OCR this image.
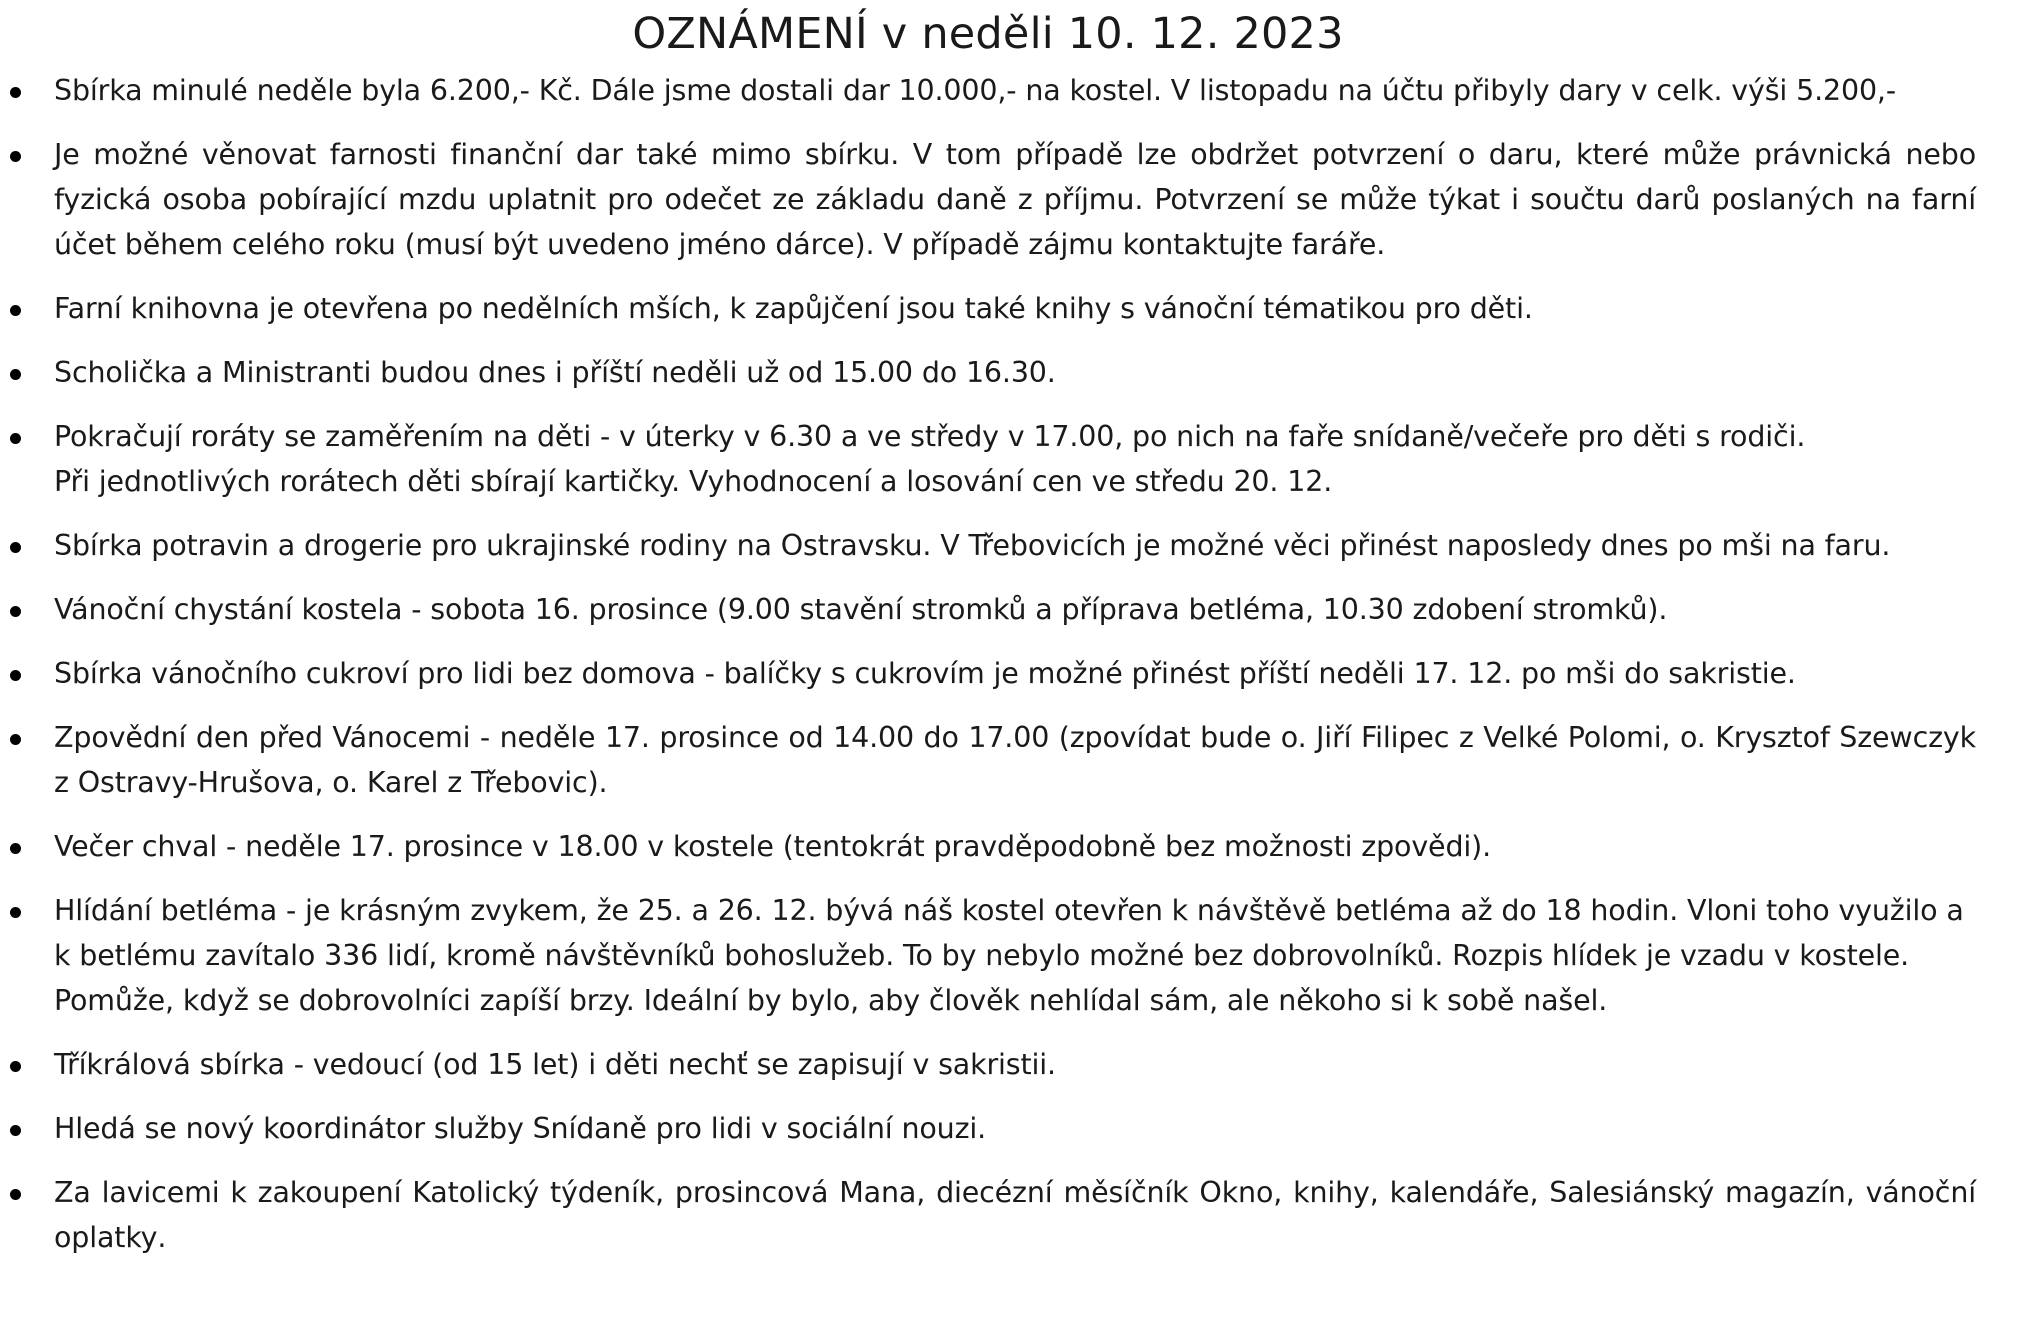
OZNÁMENÍ v neděli 10. 12. 2023
Sbírka minulé neděle byla 6.200,- Kč. Dále jsme dostali dar 10.000,- na kostel. V listopadu na účtu přibyly dary v celk. výši 5.200,-
Je možné věnovat farnosti finanční dar také mimo sbírku. V tom případě lze obdržet potvrzení o daru, které může právnická nebo fyzická osoba pobírající mzdu uplatnit pro odečet ze základu daně z příjmu. Potvrzení se může týkat i součtu darů poslaných na farní účet během celého roku (musí být uvedeno jméno dárce). V případě zájmu kontaktujte faráře.
Farní knihovna je otevřena po nedělních mších, k zapůjčení jsou také knihy s vánoční tématikou pro děti.
Scholička a Ministranti budou dnes i příští neděli už od 15.00 do 16.30.
Pokračují roráty se zaměřením na děti - v úterky v 6.30 a ve středy v 17.00, po nich na faře snídaně/večeře pro děti s rodiči.
Při jednotlivých rorátech děti sbírají kartičky. Vyhodnocení a losování cen ve středu 20. 12.
Sbírka potravin a drogerie pro ukrajinské rodiny na Ostravsku. V Třebovicích je možné věci přinést naposledy dnes po mši na faru.
Vánoční chystání kostela - sobota 16. prosince (9.00 stavění stromků a příprava betléma, 10.30 zdobení stromků).
Sbírka vánočního cukroví pro lidi bez domova - balíčky s cukrovím je možné přinést příští neděli 17. 12. po mši do sakristie.
Zpovědní den před Vánocemi - neděle 17. prosince od 14.00 do 17.00 (zpovídat bude o. Jiří Filipec z Velké Polomi, o. Krysztof Szewczyk z Ostravy-Hrušova, o. Karel z Třebovic).
Večer chval - neděle 17. prosince v 18.00 v kostele (tentokrát pravděpodobně bez možnosti zpovědi).
Hlídání betléma - je krásným zvykem, že 25. a 26. 12. bývá náš kostel otevřen k návštěvě betléma až do 18 hodin. Vloni toho využilo a k betlému zavítalo 336 lidí, kromě návštěvníků bohoslužeb. To by nebylo možné bez dobrovolníků. Rozpis hlídek je vzadu v kostele. Pomůže, když se dobrovolníci zapíší brzy. Ideální by bylo, aby člověk nehlídal sám, ale někoho si k sobě našel.
Tříkrálová sbírka - vedoucí (od 15 let) i děti nechť se zapisují v sakristii.
Hledá se nový koordinátor služby Snídaně pro lidi v sociální nouzi.
Za lavicemi k zakoupení Katolický týdeník, prosincová Mana, diecézní měsíčník Okno, knihy, kalendáře, Salesiánský magazín, vánoční oplatky.
